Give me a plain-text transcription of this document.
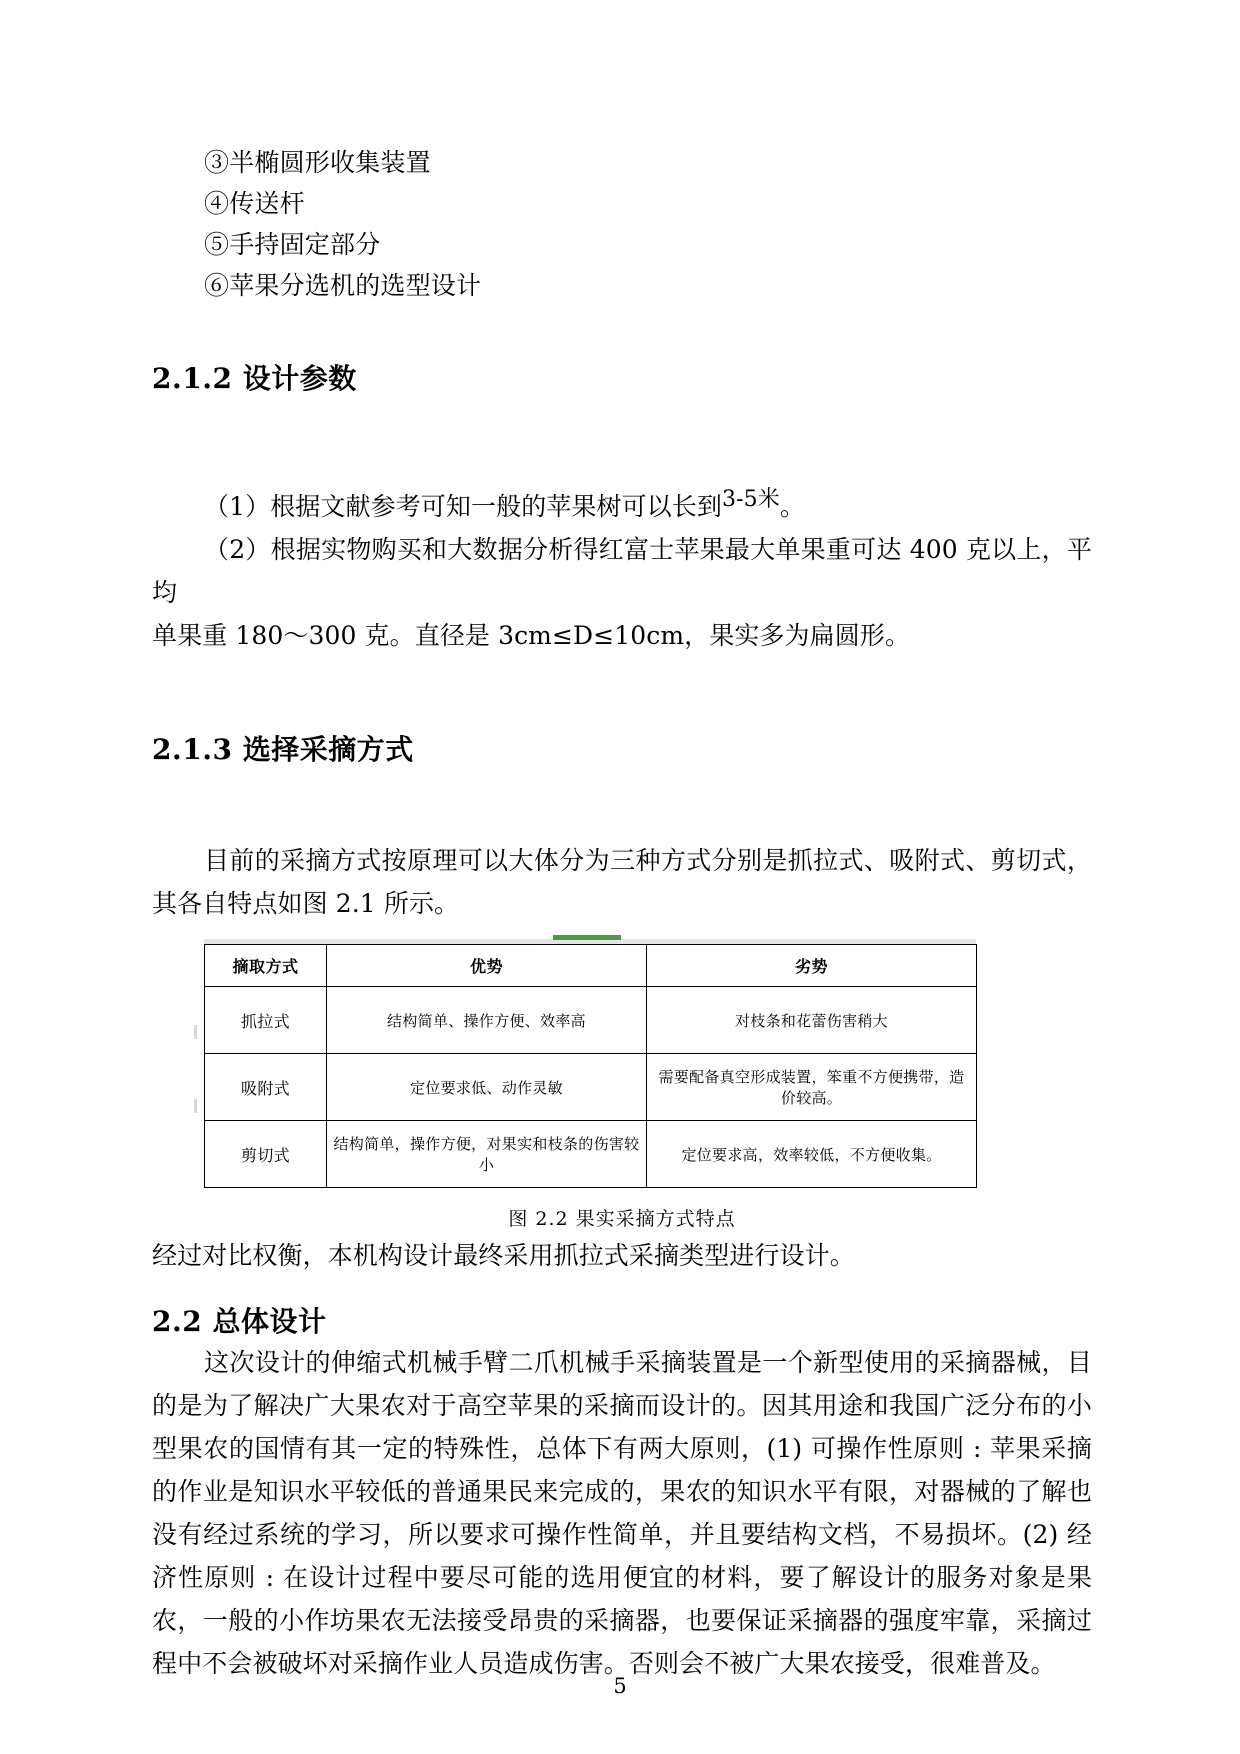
③半椭圆形收集装置
④传送杆
⑤手持固定部分
⑥苹果分选机的选型设计
2.1.2 设计参数

（1）根据文献参考可知一般的苹果树可以长到3-5米。

（2）根据实物购买和大数据分析得红富士苹果最大单果重可达 400 克以上，平均

单果重 180～300 克。直径是 3cm≤D≤10cm，果实多为扁圆形。

2.1.3 选择采摘方式

目前的采摘方式按原理可以大体分为三种方式分别是抓拉式、吸附式、剪切式，其各自特点如图 2.1 所示。

摘取方式	优势	劣势
抓拉式	结构简单、操作方便、效率高	对枝条和花蕾伤害稍大
吸附式	定位要求低、动作灵敏	需要配备真空形成装置，笨重不方便携带，造价较高。
剪切式	结构简单，操作方便，对果实和枝条的伤害较小	定位要求高，效率较低，不方便收集。

图 2.2 果实采摘方式特点

经过对比权衡，本机构设计最终采用抓拉式采摘类型进行设计。

2.2 总体设计

这次设计的伸缩式机械手臂二爪机械手采摘装置是一个新型使用的采摘器械，目的是为了解决广大果农对于高空苹果的采摘而设计的。因其用途和我国广泛分布的小型果农的国情有其一定的特殊性，总体下有两大原则，(1) 可操作性原则 : 苹果采摘的作业是知识水平较低的普通果民来完成的，果农的知识水平有限，对器械的了解也没有经过系统的学习，所以要求可操作性简单，并且要结构文档，不易损坏。(2) 经济性原则 : 在设计过程中要尽可能的选用便宜的材料，要了解设计的服务对象是果农，一般的小作坊果农无法接受昂贵的采摘器，也要保证采摘器的强度牢靠，采摘过程中不会被破坏对采摘作业人员造成伤害。否则会不被广大果农接受，很难普及。

5
